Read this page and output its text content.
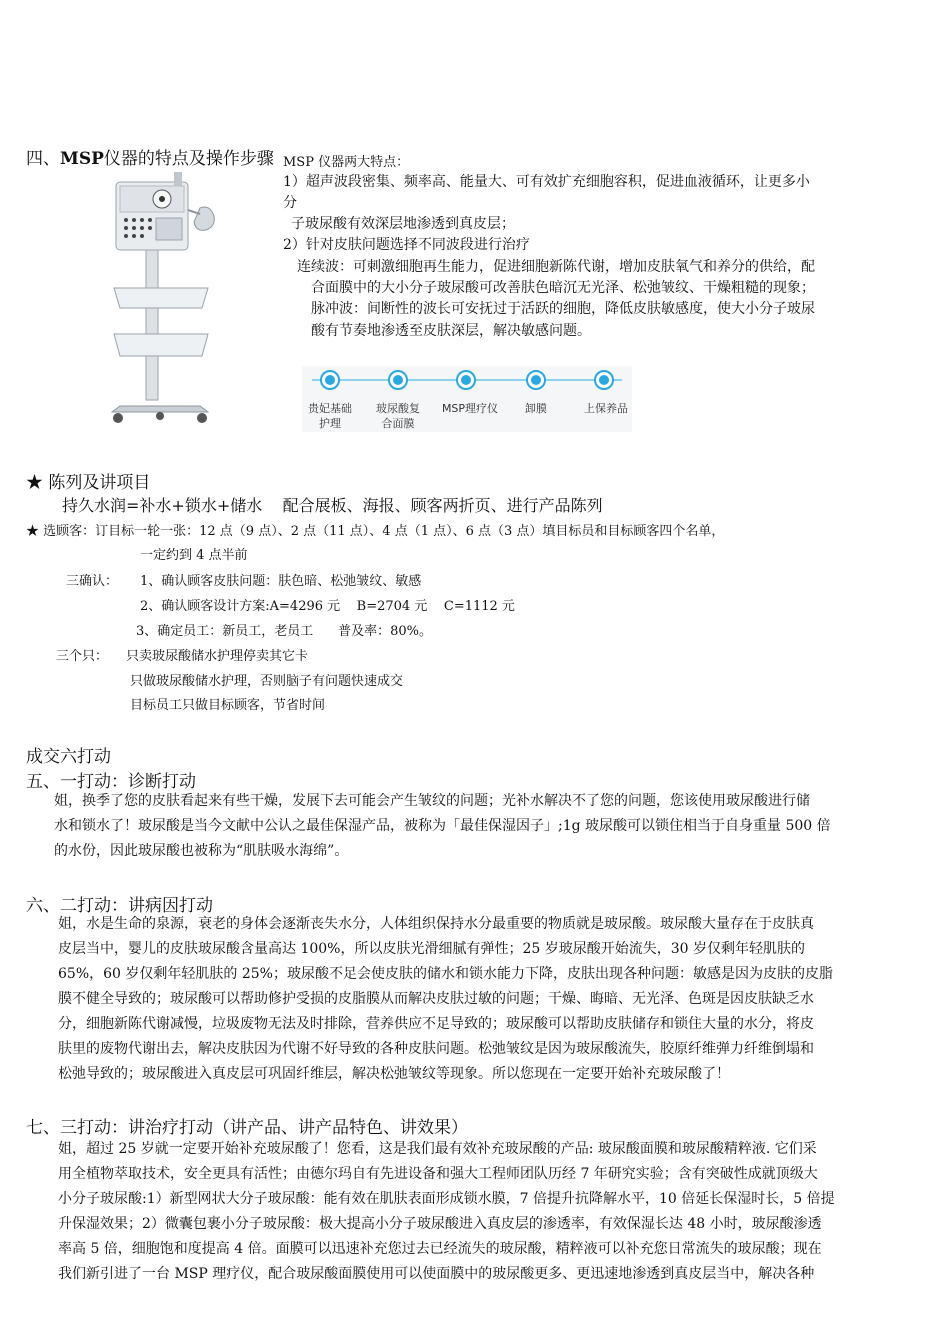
四、MSP仪器的特点及操作步骤 MSP 仪器两大特点：
1）超声波段密集、频率高、能量大、可有效扩充细胞容积，促进血液循环，让更多小
分
子玻尿酸有效深层地渗透到真皮层；
2）针对皮肤问题选择不同波段进行治疗
连续波：可刺激细胞再生能力，促进细胞新陈代谢，增加皮肤氧气和养分的供给，配
合面膜中的大小分子玻尿酸可改善肤色暗沉无光泽、松弛皱纹、干燥粗糙的现象；
脉冲波：间断性的波长可安抚过于活跃的细胞，降低皮肤敏感度，使大小分子玻尿
酸有节奏地渗透至皮肤深层，解决敏感问题。
贵妃基础
护理
玻尿酸复
合面膜
MSP理疗仪 卸膜	上保养品
★ 陈列及讲项目
持久水润=补水+锁水+储水    配合展板、海报、顾客两折页、进行产品陈列
★ 选顾客：订目标一轮一张：12 点（9 点）、2 点（11 点）、4 点（1 点）、6 点（3 点）填目标员和目标顾客四个名单，
一定约到 4 点半前
三确认： 1、确认顾客皮肤问题：肤色暗、松弛皱纹、敏感
2、确认顾客设计方案:A=4296 元    B=2704 元    C=1112 元
3、确定员工：新员工，老员工      普及率：80%。
三个只： 只卖玻尿酸储水护理停卖其它卡
只做玻尿酸储水护理，否则脑子有问题快速成交
目标员工只做目标顾客，节省时间
成交六打动
五、一打动：诊断打动
姐，换季了您的皮肤看起来有些干燥，发展下去可能会产生皱纹的问题；光补水解决不了您的问题，您该使用玻尿酸进行储
水和锁水了！玻尿酸是当今文献中公认之最佳保湿产品，被称为「最佳保湿因子」;1g 玻尿酸可以锁住相当于自身重量 500 倍
的水份，因此玻尿酸也被称为“肌肤吸水海绵”。
六、二打动：讲病因打动
姐，水是生命的泉源，衰老的身体会逐渐丧失水分，人体组织保持水分最重要的物质就是玻尿酸。玻尿酸大量存在于皮肤真
皮层当中，婴儿的皮肤玻尿酸含量高达 100%，所以皮肤光滑细腻有弹性；25 岁玻尿酸开始流失，30 岁仅剩年轻肌肤的
65%，60 岁仅剩年轻肌肤的 25%；玻尿酸不足会使皮肤的储水和锁水能力下降，皮肤出现各种问题：敏感是因为皮肤的皮脂
膜不健全导致的；玻尿酸可以帮助修护受损的皮脂膜从而解决皮肤过敏的问题；干燥、晦暗、无光泽、色斑是因皮肤缺乏水
分，细胞新陈代谢减慢，垃圾废物无法及时排除，营养供应不足导致的；玻尿酸可以帮助皮肤储存和锁住大量的水分，将皮
肤里的废物代谢出去，解决皮肤因为代谢不好导致的各种皮肤问题。松弛皱纹是因为玻尿酸流失，胶原纤维弹力纤维倒塌和
松弛导致的；玻尿酸进入真皮层可巩固纤维层，解决松弛皱纹等现象。所以您现在一定要开始补充玻尿酸了！
七、三打动：讲治疗打动（讲产品、讲产品特色、讲效果）
姐，超过 25 岁就一定要开始补充玻尿酸了！您看，这是我们最有效补充玻尿酸的产品: 玻尿酸面膜和玻尿酸精粹液. 它们采
用全植物萃取技术，安全更具有活性；由德尔玛自有先进设备和强大工程师团队历经 7 年研究实验；含有突破性成就顶级大
小分子玻尿酸:1）新型网状大分子玻尿酸：能有效在肌肤表面形成锁水膜，7 倍提升抗降解水平，10 倍延长保湿时长，5 倍提
升保湿效果；2）微囊包裹小分子玻尿酸：极大提高小分子玻尿酸进入真皮层的渗透率，有效保湿长达 48 小时，玻尿酸渗透
率高 5 倍，细胞饱和度提高 4 倍。面膜可以迅速补充您过去已经流失的玻尿酸，精粹液可以补充您日常流失的玻尿酸；现在
我们新引进了一台 MSP 理疗仪，配合玻尿酸面膜使用可以使面膜中的玻尿酸更多、更迅速地渗透到真皮层当中，解决各种
